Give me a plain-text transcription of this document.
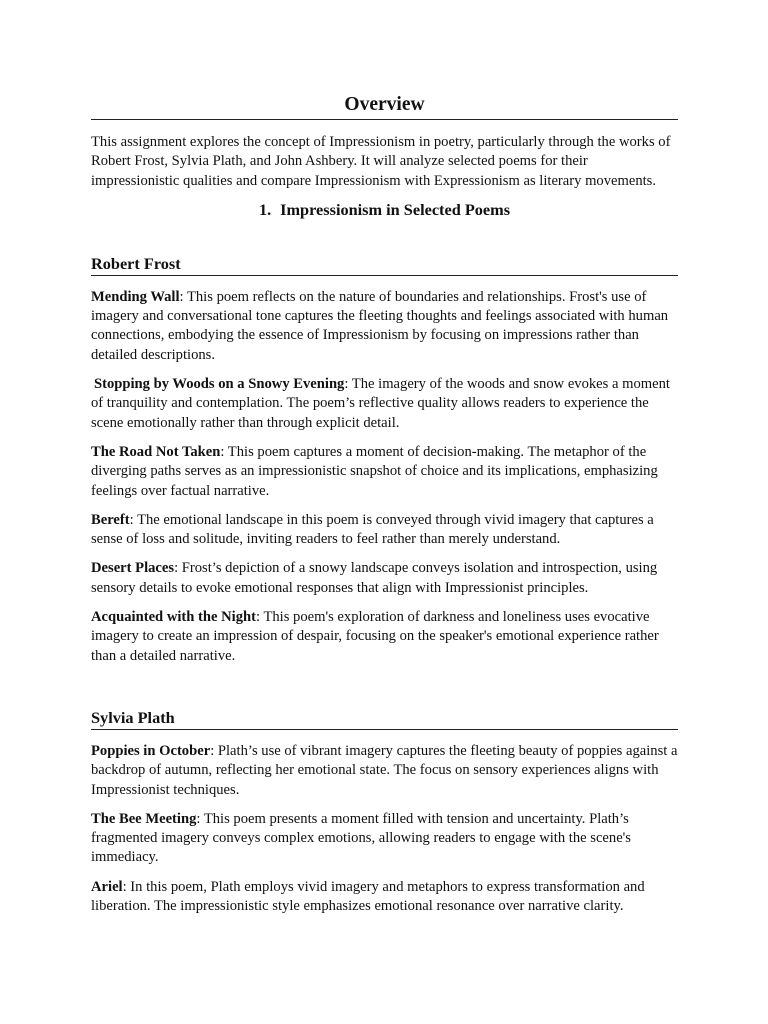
Overview

This assignment explores the concept of Impressionism in poetry, particularly through the works of Robert Frost, Sylvia Plath, and John Ashbery. It will analyze selected poems for their impressionistic qualities and compare Impressionism with Expressionism as literary movements.

1. Impressionism in Selected Poems
Robert Frost

Mending Wall: This poem reflects on the nature of boundaries and relationships. Frost's use of imagery and conversational tone captures the fleeting thoughts and feelings associated with human connections, embodying the essence of Impressionism by focusing on impressions rather than detailed descriptions.

Stopping by Woods on a Snowy Evening: The imagery of the woods and snow evokes a moment of tranquility and contemplation. The poem’s reflective quality allows readers to experience the scene emotionally rather than through explicit detail.

The Road Not Taken: This poem captures a moment of decision-making. The metaphor of the diverging paths serves as an impressionistic snapshot of choice and its implications, emphasizing feelings over factual narrative.

Bereft: The emotional landscape in this poem is conveyed through vivid imagery that captures a sense of loss and solitude, inviting readers to feel rather than merely understand.

Desert Places: Frost’s depiction of a snowy landscape conveys isolation and introspection, using sensory details to evoke emotional responses that align with Impressionist principles.

Acquainted with the Night: This poem's exploration of darkness and loneliness uses evocative imagery to create an impression of despair, focusing on the speaker's emotional experience rather than a detailed narrative.

Sylvia Plath

Poppies in October: Plath’s use of vibrant imagery captures the fleeting beauty of poppies against a backdrop of autumn, reflecting her emotional state. The focus on sensory experiences aligns with Impressionist techniques.

The Bee Meeting: This poem presents a moment filled with tension and uncertainty. Plath’s fragmented imagery conveys complex emotions, allowing readers to engage with the scene's immediacy.

Ariel: In this poem, Plath employs vivid imagery and metaphors to express transformation and liberation. The impressionistic style emphasizes emotional resonance over narrative clarity.
